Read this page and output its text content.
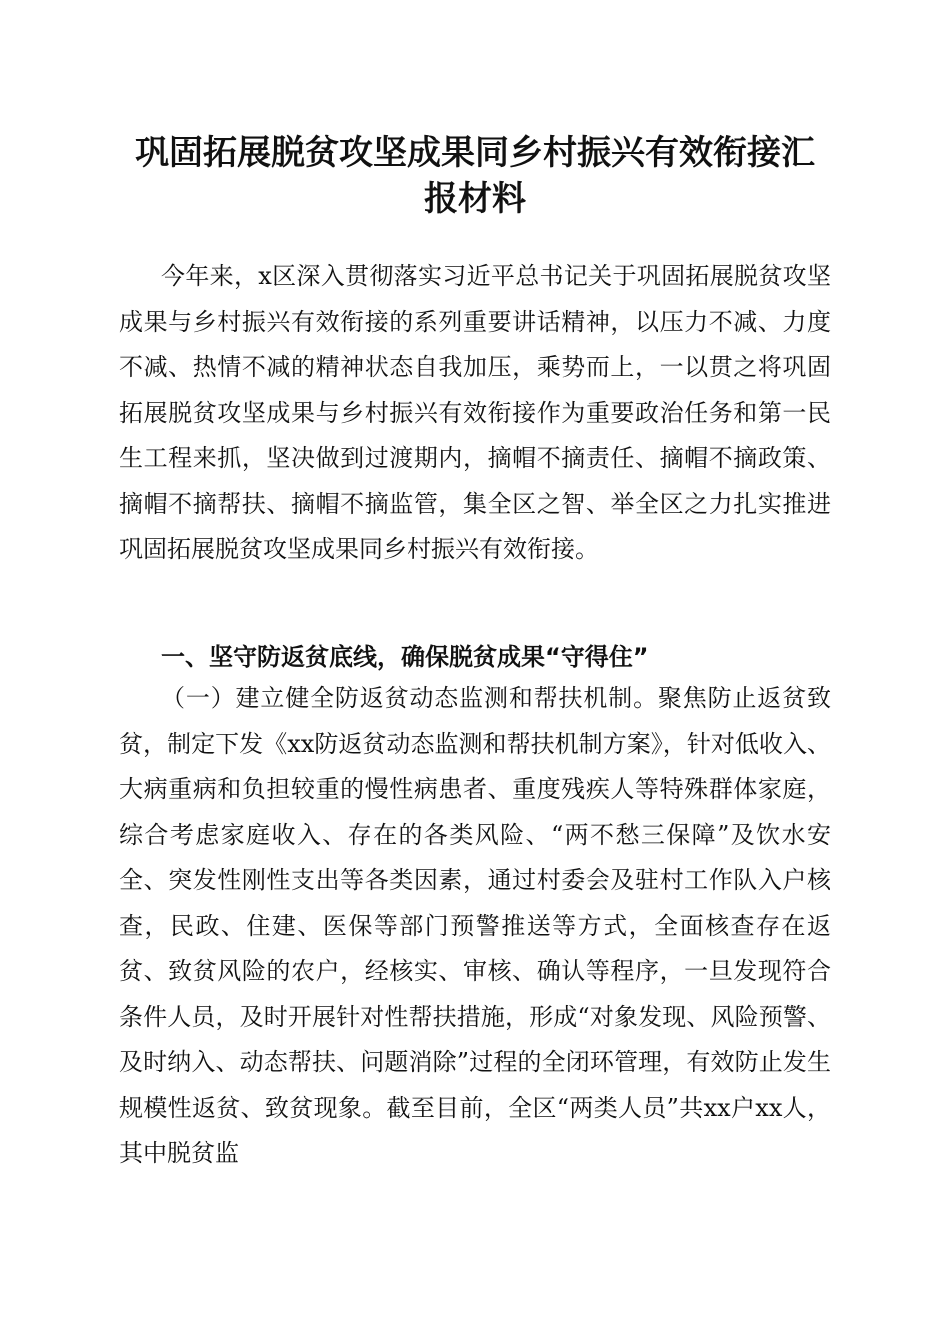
巩固拓展脱贫攻坚成果同乡村振兴有效衔接汇
报材料

今年来，x区深入贯彻落实习近平总书记关于巩固拓展脱贫攻坚成果与乡村振兴有效衔接的系列重要讲话精神，以压力不减、力度不减、热情不减的精神状态自我加压，乘势而上，一以贯之将巩固拓展脱贫攻坚成果与乡村振兴有效衔接作为重要政治任务和第一民生工程来抓，坚决做到过渡期内，摘帽不摘责任、摘帽不摘政策、摘帽不摘帮扶、摘帽不摘监管，集全区之智、举全区之力扎实推进巩固拓展脱贫攻坚成果同乡村振兴有效衔接。

一、坚守防返贫底线，确保脱贫成果“守得住”

（一）建立健全防返贫动态监测和帮扶机制。聚焦防止返贫致贫，制定下发《xx防返贫动态监测和帮扶机制方案》，针对低收入、大病重病和负担较重的慢性病患者、重度残疾人等特殊群体家庭，综合考虑家庭收入、存在的各类风险、“两不愁三保障”及饮水安全、突发性刚性支出等各类因素，通过村委会及驻村工作队入户核查，民政、住建、医保等部门预警推送等方式，全面核查存在返贫、致贫风险的农户，经核实、审核、确认等程序，一旦发现符合条件人员，及时开展针对性帮扶措施，形成“对象发现、风险预警、及时纳入、动态帮扶、问题消除”过程的全闭环管理，有效防止发生规模性返贫、致贫现象。截至目前，全区“两类人员”共xx户xx人，其中脱贫监
